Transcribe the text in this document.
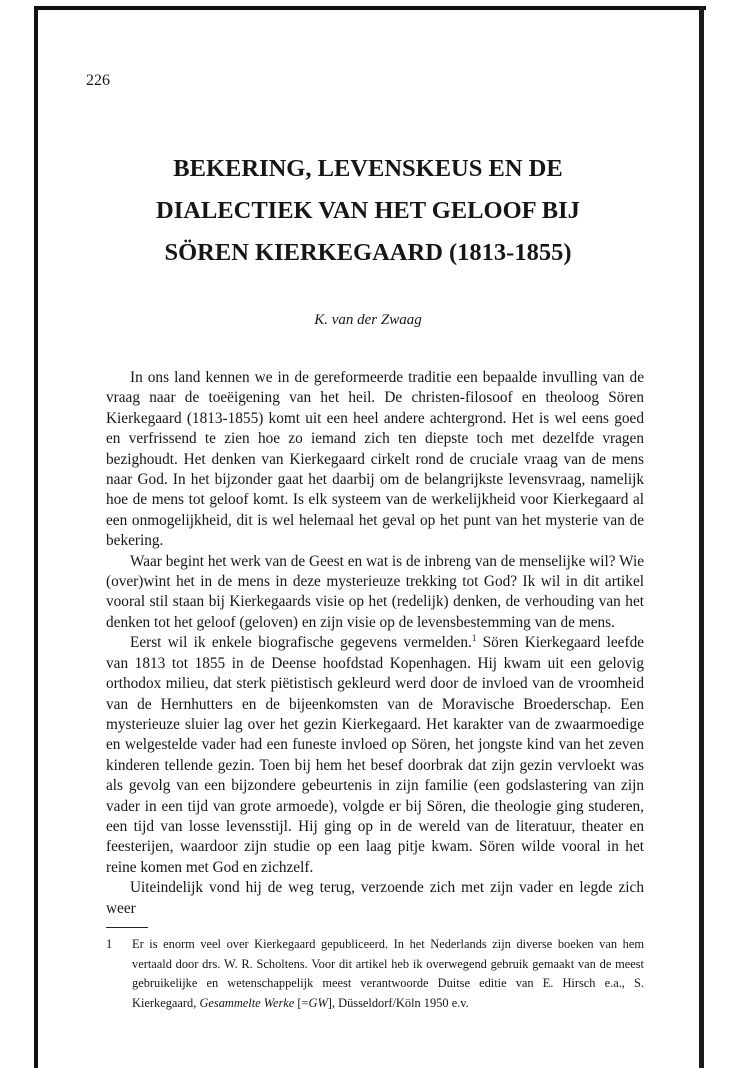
226
BEKERING, LEVENSKEUS EN DE
DIALECTIEK VAN HET GELOOF BIJ
SÖREN KIERKEGAARD (1813-1855)
K. van der Zwaag

In ons land kennen we in de gereformeerde traditie een bepaalde invulling van de vraag naar de toeëigening van het heil. De christen-filosoof en theoloog Sören Kierkegaard (1813-1855) komt uit een heel andere achtergrond. Het is wel eens goed en verfrissend te zien hoe zo iemand zich ten diepste toch met dezelfde vragen bezighoudt. Het denken van Kierkegaard cirkelt rond de cruciale vraag van de mens naar God. In het bijzonder gaat het daarbij om de belangrijkste levensvraag, namelijk hoe de mens tot geloof komt. Is elk systeem van de werkelijkheid voor Kierkegaard al een onmogelijkheid, dit is wel helemaal het geval op het punt van het mysterie van de bekering.

Waar begint het werk van de Geest en wat is de inbreng van de menselijke wil? Wie (over)wint het in de mens in deze mysterieuze trekking tot God? Ik wil in dit artikel vooral stil staan bij Kierkegaards visie op het (redelijk) denken, de verhouding van het denken tot het geloof (geloven) en zijn visie op de levensbestemming van de mens.

Eerst wil ik enkele biografische gegevens vermelden.$^1$ Sören Kierkegaard leefde van 1813 tot 1855 in de Deense hoofdstad Kopenhagen. Hij kwam uit een gelovig orthodox milieu, dat sterk piëtistisch gekleurd werd door de invloed van de vroomheid van de Hernhutters en de bijeenkomsten van de Moravische Broederschap. Een mysterieuze sluier lag over het gezin Kierkegaard. Het karakter van de zwaarmoedige en welgestelde vader had een funeste invloed op Sören, het jongste kind van het zeven kinderen tellende gezin. Toen bij hem het besef doorbrak dat zijn gezin vervloekt was als gevolg van een bijzondere gebeurtenis in zijn familie (een godslastering van zijn vader in een tijd van grote armoede), volgde er bij Sören, die theologie ging studeren, een tijd van losse levensstijl. Hij ging op in de wereld van de literatuur, theater en feesterijen, waardoor zijn studie op een laag pitje kwam. Sören wilde vooral in het reine komen met God en zichzelf.

Uiteindelijk vond hij de weg terug, verzoende zich met zijn vader en legde zich weer

1 Er is enorm veel over Kierkegaard gepubliceerd. In het Nederlands zijn diverse boeken van hem vertaald door drs. W. R. Scholtens. Voor dit artikel heb ik overwegend gebruik gemaakt van de meest gebruikelijke en wetenschappelijk meest verantwoorde Duitse editie van E. Hirsch e.a., S. Kierkegaard, Gesammelte Werke [=GW], Düsseldorf/Köln 1950 e.v.
